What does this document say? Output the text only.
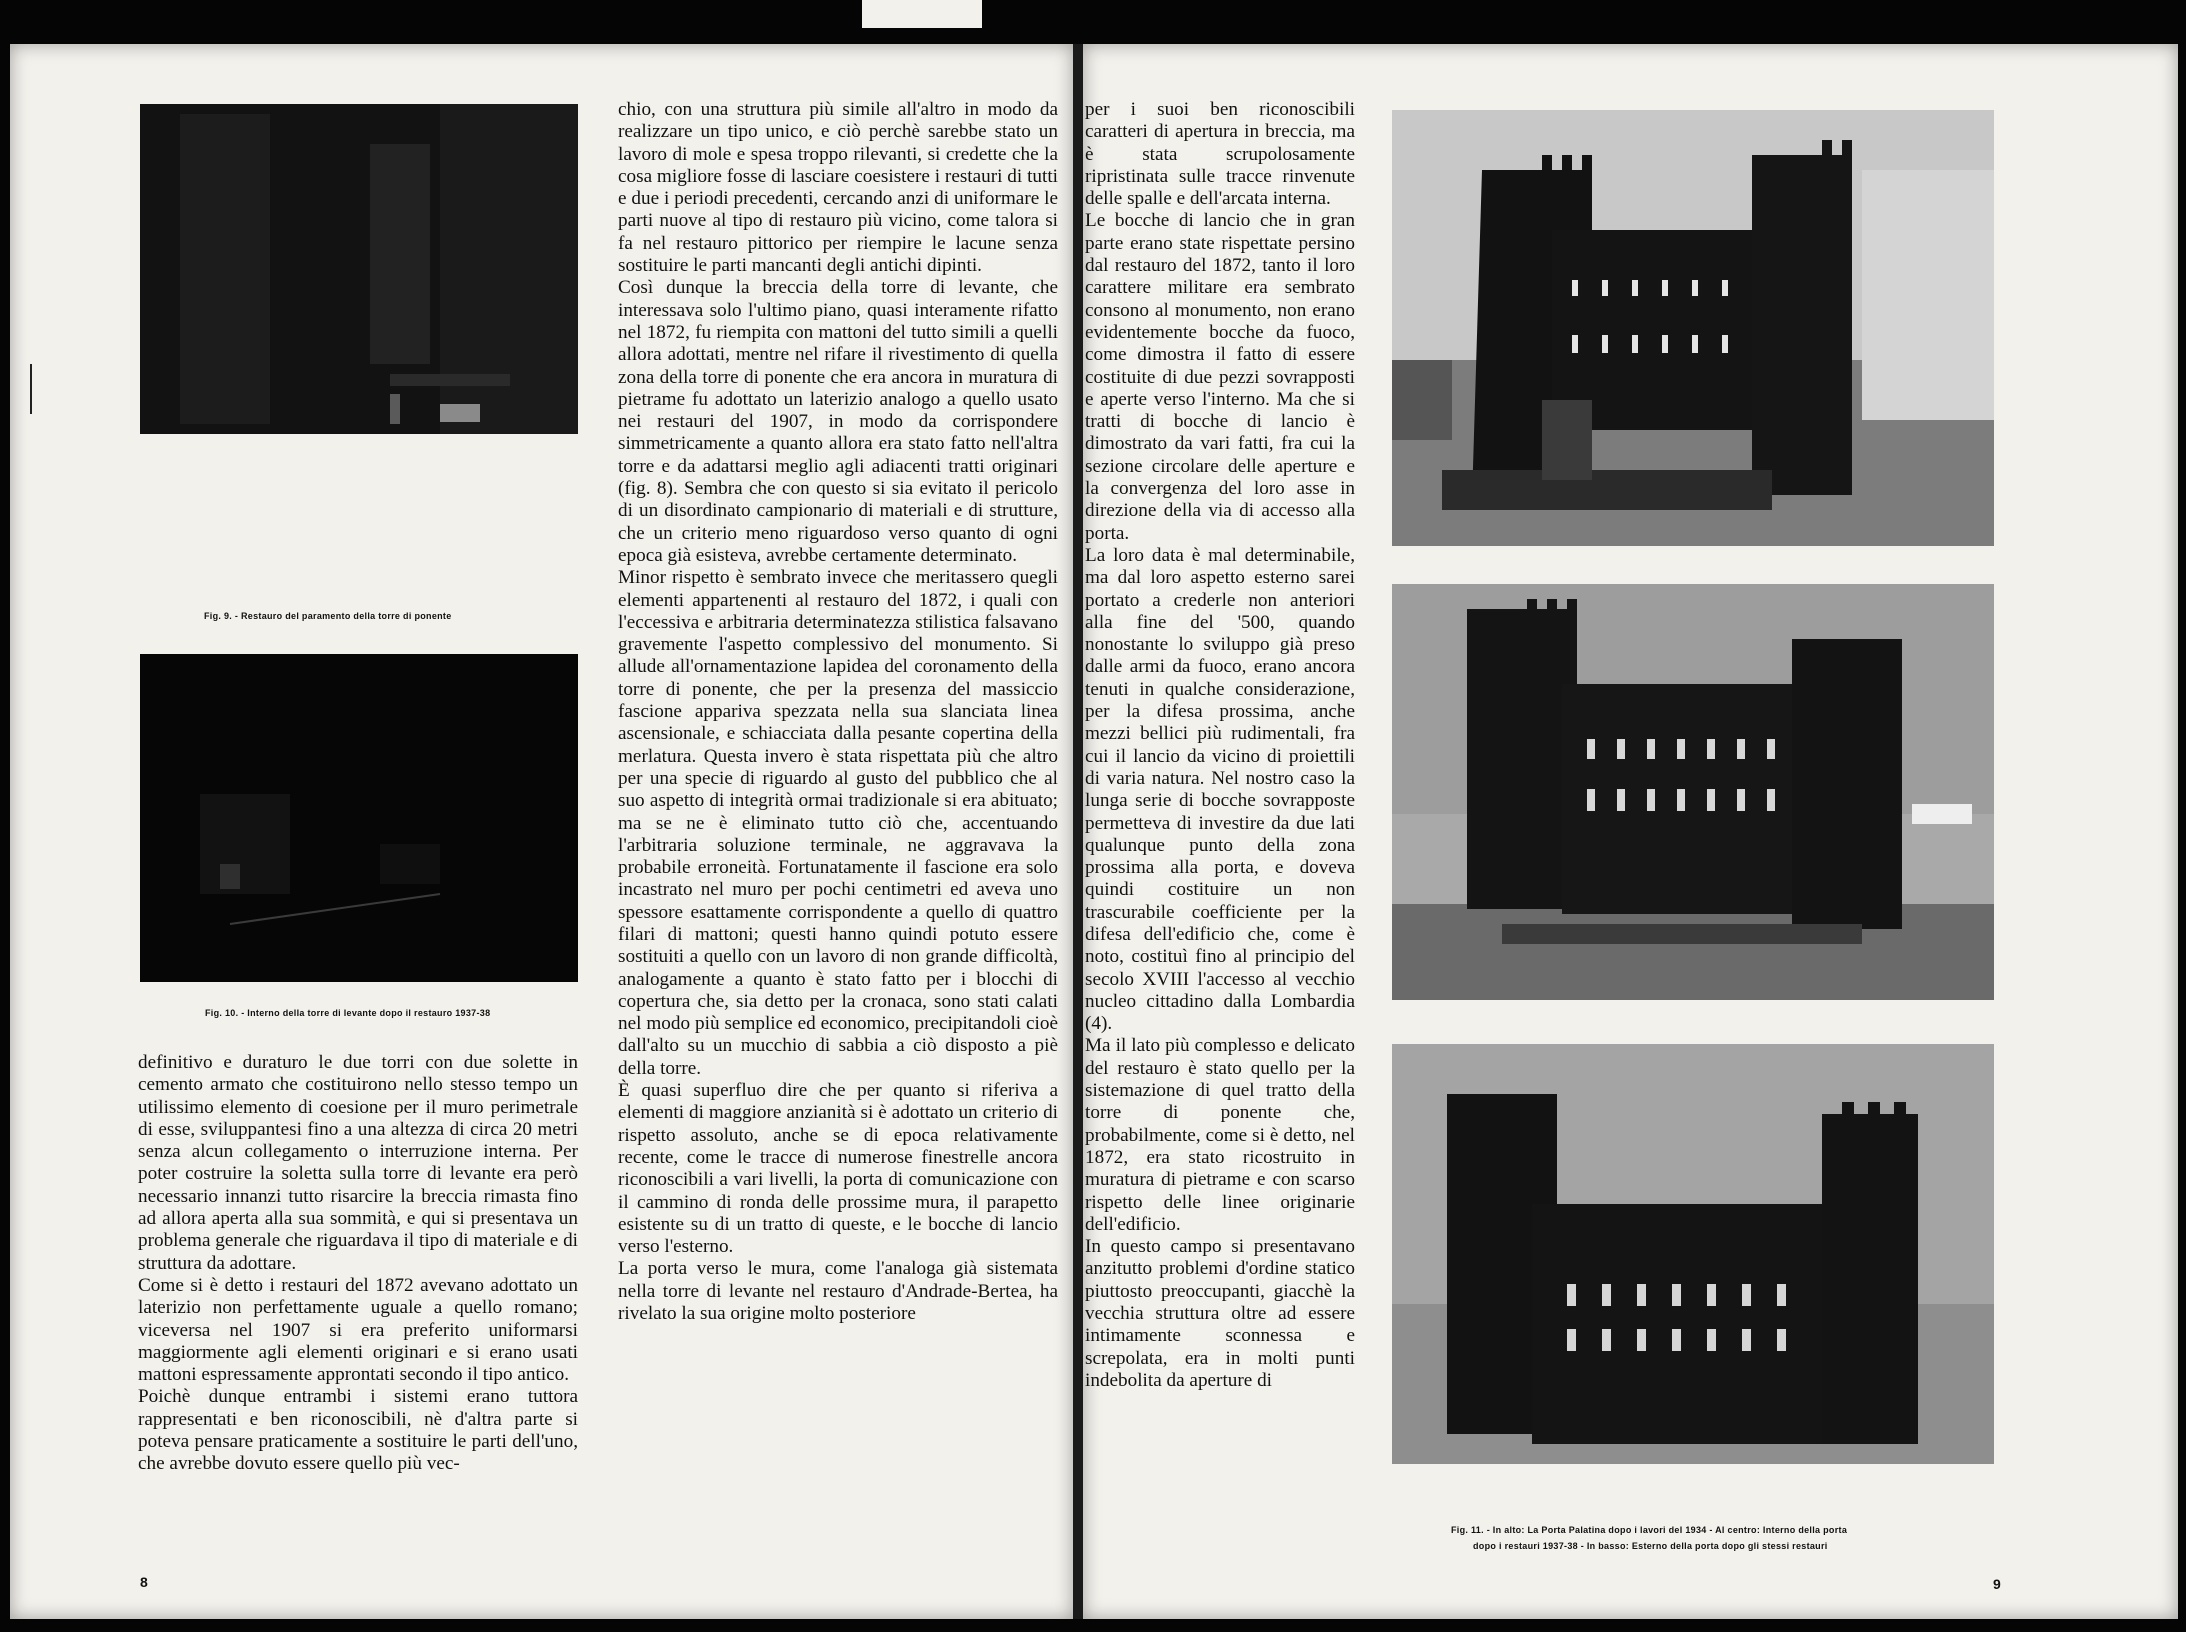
Fig. 9. - Restauro del paramento della torre di ponente
Fig. 10. - Interno della torre di levante dopo il restauro 1937-38

definitivo e duraturo le due torri con due solette in cemento armato che costituirono nello stesso tempo un utilissimo elemento di coesione per il muro perimetrale di esse, sviluppantesi fino a una altezza di circa 20 metri senza alcun collegamento o interruzione interna. Per poter costruire la soletta sulla torre di levante era però necessario innanzi tutto risarcire la breccia rimasta fino ad allora aperta alla sua sommità, e qui si presentava un problema generale che riguardava il tipo di materiale e di struttura da adottare.

Come si è detto i restauri del 1872 avevano adottato un laterizio non perfettamente uguale a quello romano; viceversa nel 1907 si era preferito uniformarsi maggiormente agli elementi originari e si erano usati mattoni espressamente approntati secondo il tipo antico.

Poichè dunque entrambi i sistemi erano tuttora rappresentati e ben riconoscibili, nè d'altra parte si poteva pensare praticamente a sostituire le parti dell'uno, che avrebbe dovuto essere quello più vec-

chio, con una struttura più simile all'altro in modo da realizzare un tipo unico, e ciò perchè sarebbe stato un lavoro di mole e spesa troppo rilevanti, si credette che la cosa migliore fosse di lasciare coesistere i restauri di tutti e due i periodi precedenti, cercando anzi di uniformare le parti nuove al tipo di restauro più vicino, come talora si fa nel restauro pittorico per riempire le lacune senza sostituire le parti mancanti degli antichi dipinti.

Così dunque la breccia della torre di levante, che interessava solo l'ultimo piano, quasi interamente rifatto nel 1872, fu riempita con mattoni del tutto simili a quelli allora adottati, mentre nel rifare il rivestimento di quella zona della torre di ponente che era ancora in muratura di pietrame fu adottato un laterizio analogo a quello usato nei restauri del 1907, in modo da corrispondere simmetricamente a quanto allora era stato fatto nell'altra torre e da adattarsi meglio agli adiacenti tratti originari (fig. 8). Sembra che con questo si sia evitato il pericolo di un disordinato campionario di materiali e di strutture, che un criterio meno riguardoso verso quanto di ogni epoca già esisteva, avrebbe certamente determinato.

Minor rispetto è sembrato invece che meritassero quegli elementi appartenenti al restauro del 1872, i quali con l'eccessiva e arbitraria determinatezza stilistica falsavano gravemente l'aspetto complessivo del monumento. Si allude all'ornamentazione lapidea del coronamento della torre di ponente, che per la presenza del massiccio fascione appariva spezzata nella sua slanciata linea ascensionale, e schiacciata dalla pesante copertina della merlatura. Questa invero è stata rispettata più che altro per una specie di riguardo al gusto del pubblico che al suo aspetto di integrità ormai tradizionale si era abituato; ma se ne è eliminato tutto ciò che, accentuando l'arbitraria soluzione terminale, ne aggravava la probabile erroneità. Fortunatamente il fascione era solo incastrato nel muro per pochi centimetri ed aveva uno spessore esattamente corrispondente a quello di quattro filari di mattoni; questi hanno quindi potuto essere sostituiti a quello con un lavoro di non grande difficoltà, analogamente a quanto è stato fatto per i blocchi di copertura che, sia detto per la cronaca, sono stati calati nel modo più semplice ed economico, precipitandoli cioè dall'alto su un mucchio di sabbia a ciò disposto a piè della torre.

È quasi superfluo dire che per quanto si riferiva a elementi di maggiore anzianità si è adottato un criterio di rispetto assoluto, anche se di epoca relativamente recente, come le tracce di numerose finestrelle ancora riconoscibili a vari livelli, la porta di comunicazione con il cammino di ronda delle prossime mura, il parapetto esistente su di un tratto di queste, e le bocche di lancio verso l'esterno.

La porta verso le mura, come l'analoga già sistemata nella torre di levante nel restauro d'Andrade-Bertea, ha rivelato la sua origine molto posteriore

8

per i suoi ben riconoscibili caratteri di apertura in breccia, ma è stata scrupolosamente ripristinata sulle tracce rinvenute delle spalle e dell'arcata interna.

Le bocche di lancio che in gran parte erano state rispettate persino dal restauro del 1872, tanto il loro carattere militare era sembrato consono al monumento, non erano evidentemente bocche da fuoco, come dimostra il fatto di essere costituite di due pezzi sovrapposti e aperte verso l'interno. Ma che si tratti di bocche di lancio è dimostrato da vari fatti, fra cui la sezione circolare delle aperture e la convergenza del loro asse in direzione della via di accesso alla porta.

La loro data è mal determinabile, ma dal loro aspetto esterno sarei portato a crederle non anteriori alla fine del '500, quando nonostante lo sviluppo già preso dalle armi da fuoco, erano ancora tenuti in qualche considerazione, per la difesa prossima, anche mezzi bellici più rudimentali, fra cui il lancio da vicino di proiettili di varia natura. Nel nostro caso la lunga serie di bocche sovrapposte permetteva di investire da due lati qualunque punto della zona prossima alla porta, e doveva quindi costituire un non trascurabile coefficiente per la difesa dell'edificio che, come è noto, costituì fino al principio del secolo XVIII l'accesso al vecchio nucleo cittadino dalla Lombardia (4).

Ma il lato più complesso e delicato del restauro è stato quello per la sistemazione di quel tratto della torre di ponente che, probabilmente, come si è detto, nel 1872, era stato ricostruito in muratura di pietrame e con scarso rispetto delle linee originarie dell'edificio.

In questo campo si presentavano anzitutto problemi d'ordine statico piuttosto preoccupanti, giacchè la vecchia struttura oltre ad essere intimamente sconnessa e screpolata, era in molti punti indebolita da aperture di

Fig. 11. - In alto: La Porta Palatina dopo i lavori del 1934 - Al centro: Interno della porta
dopo i restauri 1937-38 - In basso: Esterno della porta dopo gli stessi restauri
9
